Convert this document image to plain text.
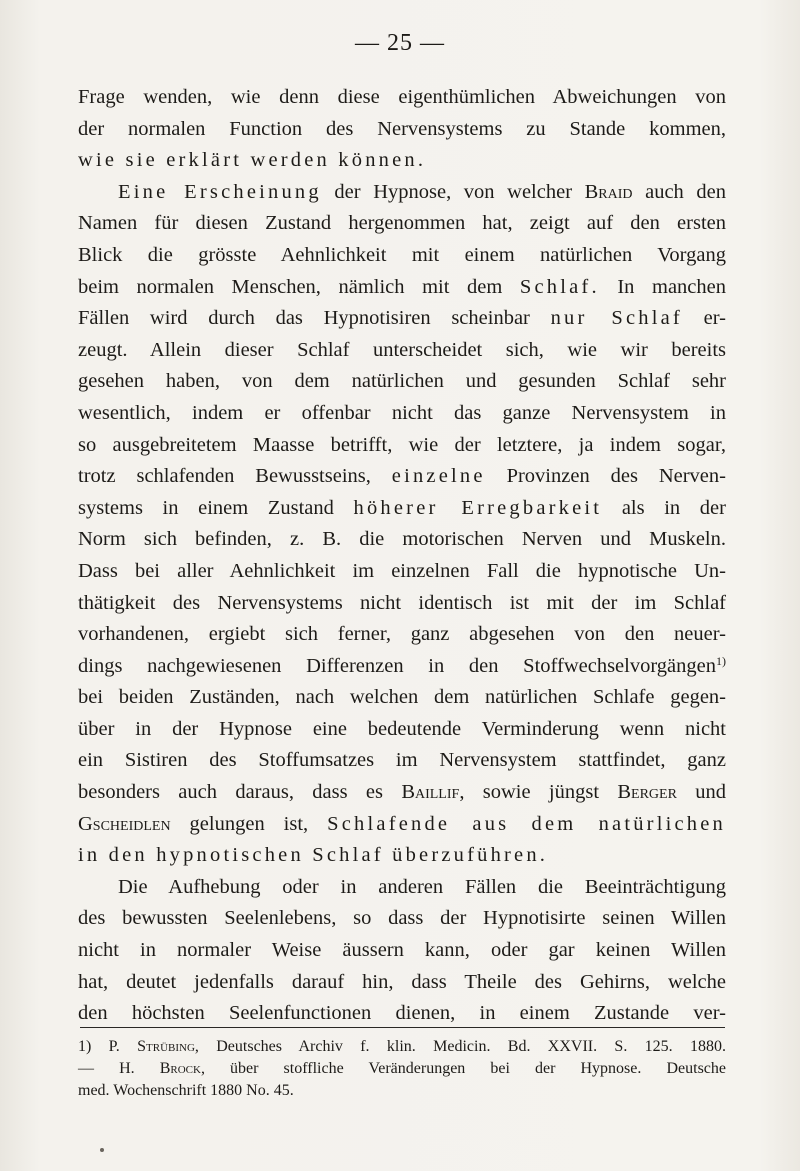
— 25 —
Frage wenden, wie denn diese eigenthümlichen Abweichungen von
der normalen Function des Nervensystems zu Stande kommen,
wie sie erklärt werden können.
Eine Erscheinung der Hypnose, von welcher Braid auch den
Namen für diesen Zustand hergenommen hat, zeigt auf den ersten
Blick die grösste Aehnlichkeit mit einem natürlichen Vorgang
beim normalen Menschen, nämlich mit dem Schlaf. In manchen
Fällen wird durch das Hypnotisiren scheinbar nur Schlaf er-
zeugt. Allein dieser Schlaf unterscheidet sich, wie wir bereits
gesehen haben, von dem natürlichen und gesunden Schlaf sehr
wesentlich, indem er offenbar nicht das ganze Nervensystem in
so ausgebreitetem Maasse betrifft, wie der letztere, ja indem sogar,
trotz schlafenden Bewusstseins, einzelne Provinzen des Nerven-
systems in einem Zustand höherer Erregbarkeit als in der
Norm sich befinden, z. B. die motorischen Nerven und Muskeln.
Dass bei aller Aehnlichkeit im einzelnen Fall die hypnotische Un-
thätigkeit des Nervensystems nicht identisch ist mit der im Schlaf
vorhandenen, ergiebt sich ferner, ganz abgesehen von den neuer-
dings nachgewiesenen Differenzen in den Stoffwechselvorgängen$^{1)}$
bei beiden Zuständen, nach welchen dem natürlichen Schlafe gegen-
über in der Hypnose eine bedeutende Verminderung wenn nicht
ein Sistiren des Stoffumsatzes im Nervensystem stattfindet, ganz
besonders auch daraus, dass es Baillif, sowie jüngst Berger und
Gscheidlen gelungen ist, Schlafende aus dem natürlichen
in den hypnotischen Schlaf überzuführen.
Die Aufhebung oder in anderen Fällen die Beeinträchtigung
des bewussten Seelenlebens, so dass der Hypnotisirte seinen Willen
nicht in normaler Weise äussern kann, oder gar keinen Willen
hat, deutet jedenfalls darauf hin, dass Theile des Gehirns, welche
den höchsten Seelenfunctionen dienen, in einem Zustande ver-
1) P. Strübing, Deutsches Archiv f. klin. Medicin. Bd. XXVII. S. 125. 1880.
— H. Brock, über stoffliche Veränderungen bei der Hypnose. Deutsche
med. Wochenschrift 1880 No. 45.
